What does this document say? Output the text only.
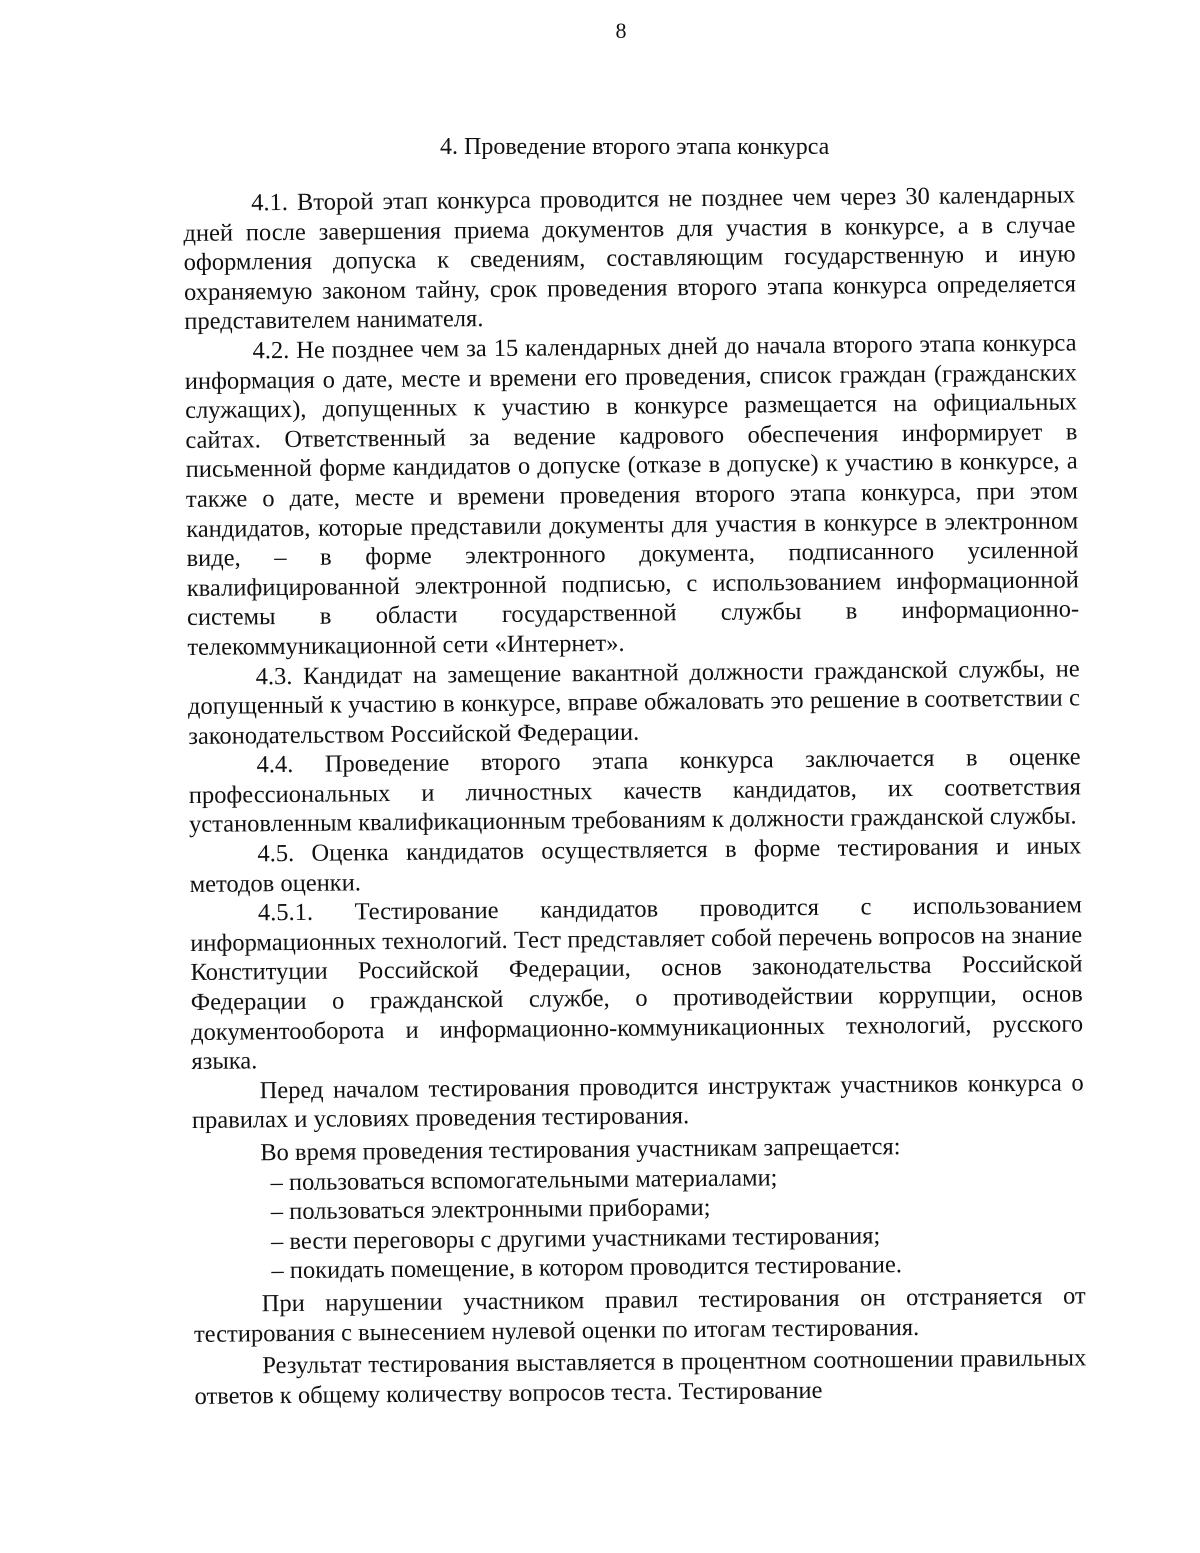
8
4. Проведение второго этапа конкурса

4.1. Второй этап конкурса проводится не позднее чем через 30 календарных дней после завершения приема документов для участия в конкурсе, а в случае оформления допуска к сведениям, составляющим государственную и иную охраняемую законом тайну, срок проведения второго этапа конкурса определяется представителем нанимателя.

4.2. Не позднее чем за 15 календарных дней до начала второго этапа конкурса информация о дате, месте и времени его проведения, список граждан (гражданских служащих), допущенных к участию в конкурсе размещается на официальных сайтах. Ответственный за ведение кадрового обеспечения информирует в письменной форме кандидатов о допуске (отказе в допуске) к участию в конкурсе, а также о дате, месте и времени проведения второго этапа конкурса, при этом кандидатов, которые представили документы для участия в конкурсе в электронном виде, – в форме электронного документа, подписанного усиленной квалифицированной электронной подписью, с использованием информационной системы в области государственной службы в информационно-телекоммуникационной сети «Интернет».

4.3. Кандидат на замещение вакантной должности гражданской службы, не допущенный к участию в конкурсе, вправе обжаловать это решение в соответствии с законодательством Российской Федерации.

4.4. Проведение второго этапа конкурса заключается в оценке профессиональных и личностных качеств кандидатов, их соответствия установленным квалификационным требованиям к должности гражданской службы.

4.5. Оценка кандидатов осуществляется в форме тестирования и иных методов оценки.

4.5.1. Тестирование кандидатов проводится с использованием информационных технологий. Тест представляет собой перечень вопросов на знание Конституции Российской Федерации, основ законодательства Российской Федерации о гражданской службе, о противодействии коррупции, основ документооборота и информационно-коммуникационных технологий, русского языка.

Перед началом тестирования проводится инструктаж участников конкурса о правилах и условиях проведения тестирования.

Во время проведения тестирования участникам запрещается:

– пользоваться вспомогательными материалами;

– пользоваться электронными приборами;

– вести переговоры с другими участниками тестирования;

– покидать помещение, в котором проводится тестирование.

При нарушении участником правил тестирования он отстраняется от тестирования с вынесением нулевой оценки по итогам тестирования.

Результат тестирования выставляется в процентном соотношении правильных ответов к общему количеству вопросов теста. Тестирование
